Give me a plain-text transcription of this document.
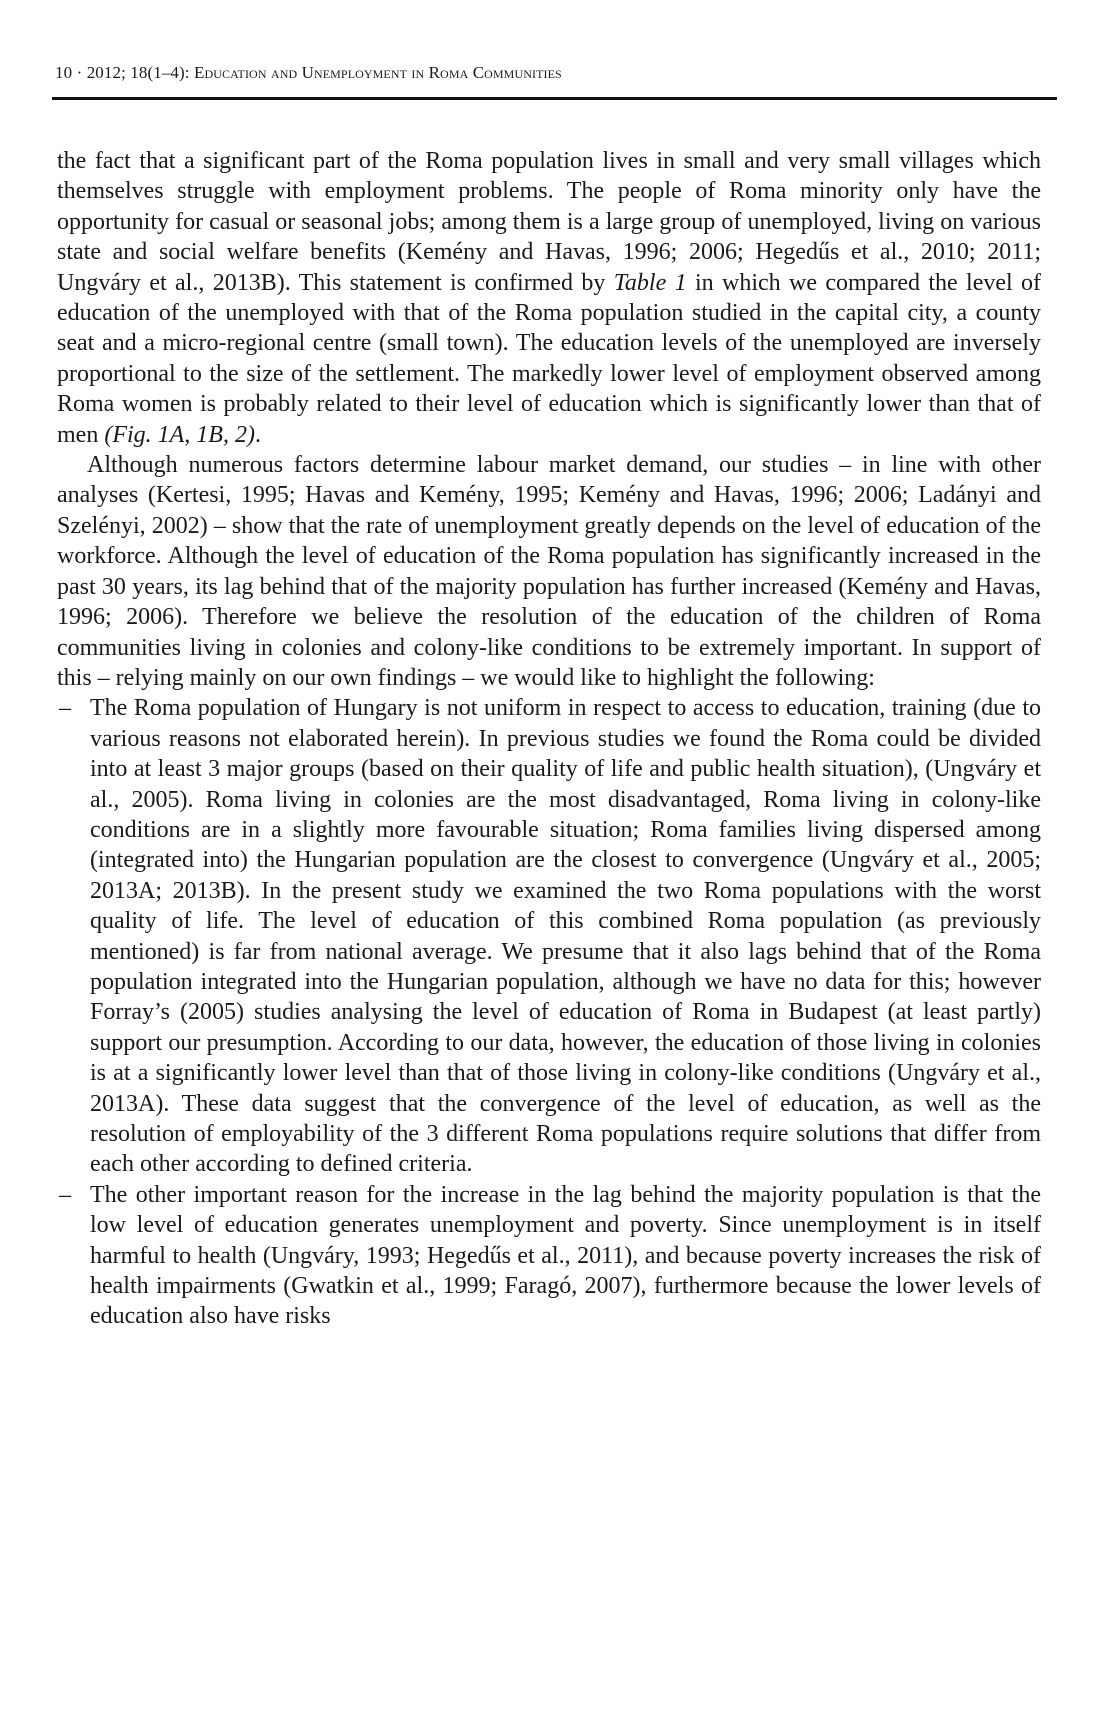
10 · 2012; 18(1–4): Education and Unemployment in Roma Communities

the fact that a significant part of the Roma population lives in small and very small villages which themselves struggle with employment problems. The people of Roma minority only have the opportunity for casual or seasonal jobs; among them is a large group of unemployed, living on various state and social welfare benefits (Kemény and Havas, 1996; 2006; Hegedűs et al., 2010; 2011; Ungváry et al., 2013B). This statement is confirmed by Table 1 in which we compared the level of education of the unemployed with that of the Roma population studied in the capital city, a county seat and a micro-regional centre (small town). The education levels of the unemployed are inversely proportional to the size of the settlement. The markedly lower level of employment observed among Roma women is probably related to their level of education which is significantly lower than that of men (Fig. 1A, 1B, 2).

Although numerous factors determine labour market demand, our studies – in line with other analyses (Kertesi, 1995; Havas and Kemény, 1995; Kemény and Havas, 1996; 2006; Ladányi and Szelényi, 2002) – show that the rate of unemployment greatly depends on the level of education of the workforce. Although the level of education of the Roma population has significantly increased in the past 30 years, its lag behind that of the majority population has further increased (Kemény and Havas, 1996; 2006). Therefore we believe the resolution of the education of the children of Roma communities living in colonies and colony-like conditions to be extremely important. In support of this – relying mainly on our own findings – we would like to highlight the following:

– The Roma population of Hungary is not uniform in respect to access to education, training (due to various reasons not elaborated herein). In previous studies we found the Roma could be divided into at least 3 major groups (based on their quality of life and public health situation), (Ungváry et al., 2005). Roma living in colonies are the most disadvantaged, Roma living in colony-like conditions are in a slightly more favourable situation; Roma families living dispersed among (integrated into) the Hungarian population are the closest to convergence (Ungváry et al., 2005; 2013A; 2013B). In the present study we examined the two Roma populations with the worst quality of life. The level of education of this combined Roma population (as previously mentioned) is far from national average. We presume that it also lags behind that of the Roma population integrated into the Hungarian population, although we have no data for this; however Forray’s (2005) studies analysing the level of education of Roma in Budapest (at least partly) support our presumption. According to our data, however, the education of those living in colonies is at a significantly lower level than that of those living in colony-like conditions (Ungváry et al., 2013A). These data suggest that the convergence of the level of education, as well as the resolution of employability of the 3 different Roma populations require solutions that differ from each other according to defined criteria.
– The other important reason for the increase in the lag behind the majority population is that the low level of education generates unemployment and poverty. Since unemployment is in itself harmful to health (Ungváry, 1993; Hegedűs et al., 2011), and because poverty increases the risk of health impairments (Gwatkin et al., 1999; Faragó, 2007), furthermore because the lower levels of education also have risks
